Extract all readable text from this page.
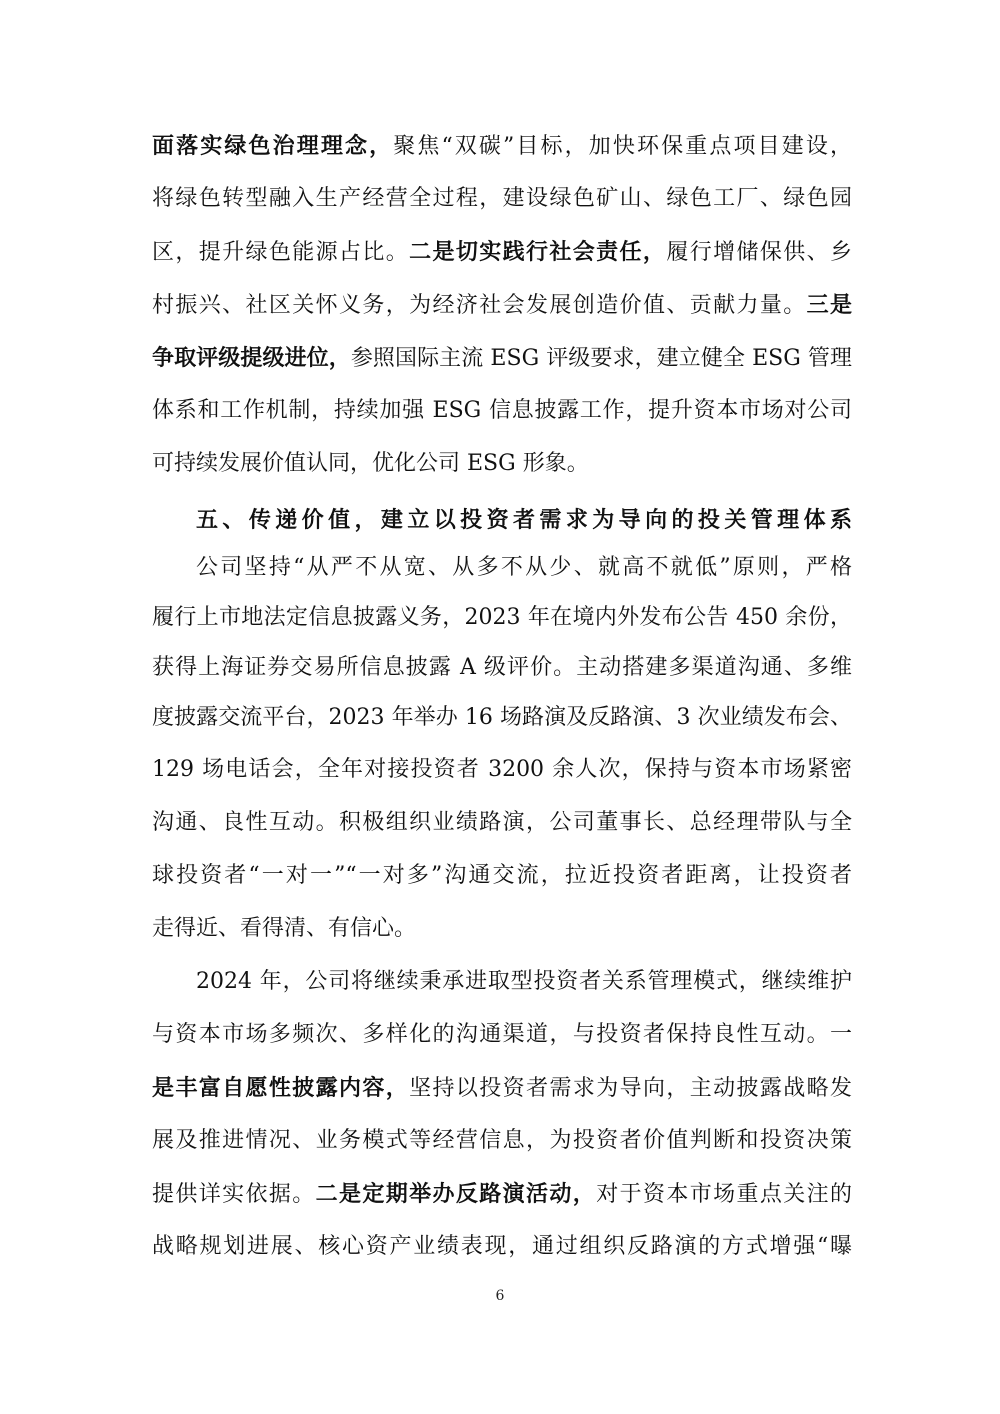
面落实绿色治理理念，聚焦“双碳”目标，加快环保重点项目建设，
将绿色转型融入生产经营全过程，建设绿色矿山、绿色工厂、绿色园
区，提升绿色能源占比。二是切实践行社会责任，履行增储保供、乡
村振兴、社区关怀义务，为经济社会发展创造价值、贡献力量。三是
争取评级提级进位，参照国际主流 ESG 评级要求，建立健全 ESG 管理
体系和工作机制，持续加强 ESG 信息披露工作，提升资本市场对公司
可持续发展价值认同，优化公司 ESG 形象。
五、传递价值，建立以投资者需求为导向的投关管理体系
公司坚持“从严不从宽、从多不从少、就高不就低”原则，严格
履行上市地法定信息披露义务，2023 年在境内外发布公告 450 余份，
获得上海证券交易所信息披露 A 级评价。主动搭建多渠道沟通、多维
度披露交流平台，2023 年举办 16 场路演及反路演、3 次业绩发布会、
129 场电话会，全年对接投资者 3200 余人次，保持与资本市场紧密
沟通、良性互动。积极组织业绩路演，公司董事长、总经理带队与全
球投资者“一对一”“一对多”沟通交流，拉近投资者距离，让投资者
走得近、看得清、有信心。
2024 年，公司将继续秉承进取型投资者关系管理模式，继续维护
与资本市场多频次、多样化的沟通渠道，与投资者保持良性互动。一
是丰富自愿性披露内容，坚持以投资者需求为导向，主动披露战略发
展及推进情况、业务模式等经营信息，为投资者价值判断和投资决策
提供详实依据。二是定期举办反路演活动，对于资本市场重点关注的
战略规划进展、核心资产业绩表现，通过组织反路演的方式增强“曝
6
